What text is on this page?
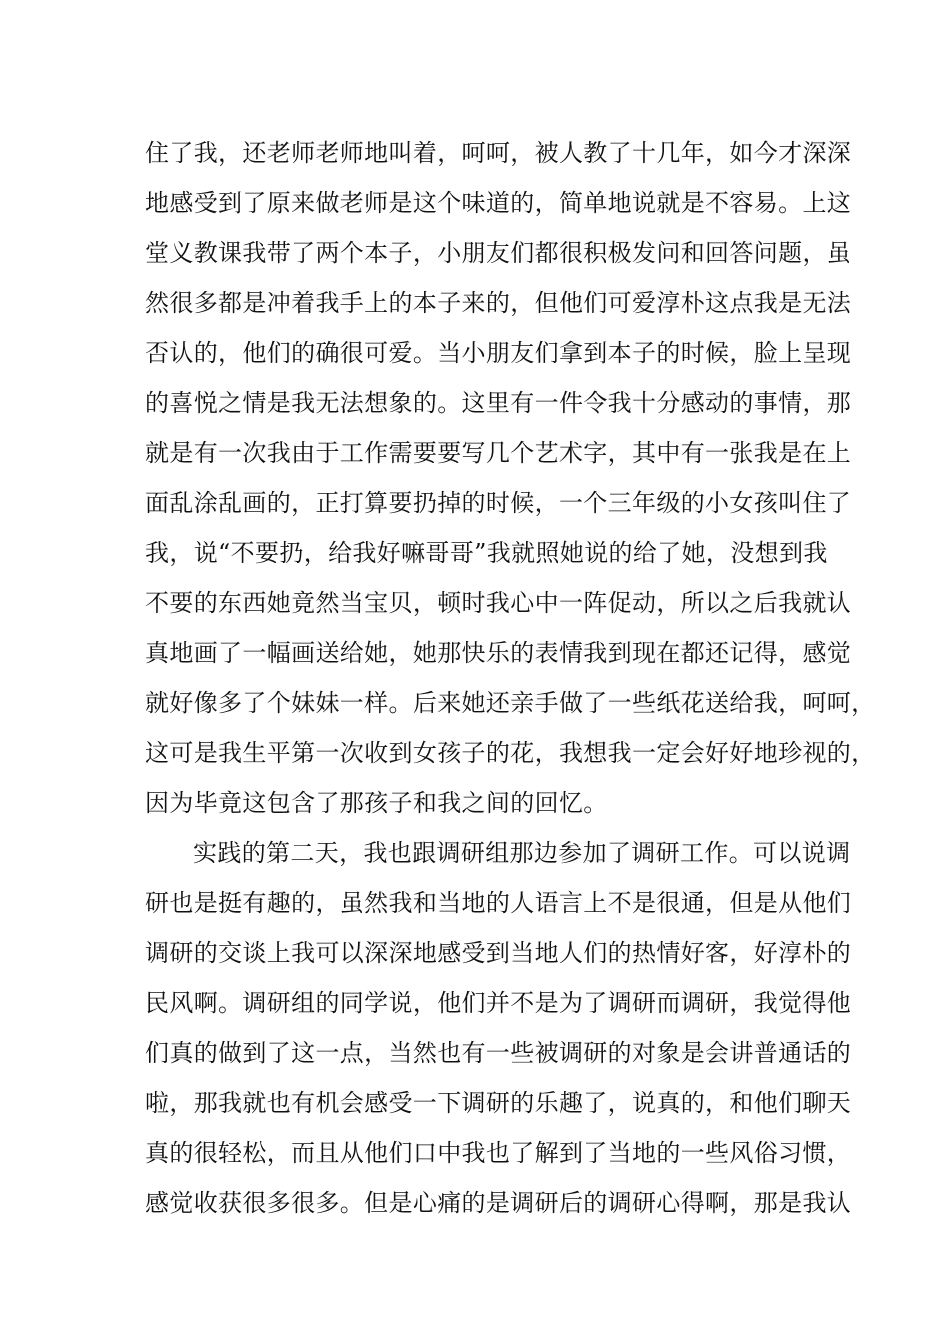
住了我，还老师老师地叫着，呵呵，被人教了十几年，如今才深深
地感受到了原来做老师是这个味道的，简单地说就是不容易。上这
堂义教课我带了两个本子，小朋友们都很积极发问和回答问题，虽
然很多都是冲着我手上的本子来的，但他们可爱淳朴这点我是无法
否认的，他们的确很可爱。当小朋友们拿到本子的时候，脸上呈现
的喜悦之情是我无法想象的。这里有一件令我十分感动的事情，那
就是有一次我由于工作需要要写几个艺术字，其中有一张我是在上
面乱涂乱画的，正打算要扔掉的时候，一个三年级的小女孩叫住了
我，说“不要扔，给我好嘛哥哥”我就照她说的给了她，没想到我
不要的东西她竟然当宝贝，顿时我心中一阵促动，所以之后我就认
真地画了一幅画送给她，她那快乐的表情我到现在都还记得，感觉
就好像多了个妹妹一样。后来她还亲手做了一些纸花送给我，呵呵，
这可是我生平第一次收到女孩子的花，我想我一定会好好地珍视的，
因为毕竟这包含了那孩子和我之间的回忆。
实践的第二天，我也跟调研组那边参加了调研工作。可以说调
研也是挺有趣的，虽然我和当地的人语言上不是很通，但是从他们
调研的交谈上我可以深深地感受到当地人们的热情好客，好淳朴的
民风啊。调研组的同学说，他们并不是为了调研而调研，我觉得他
们真的做到了这一点，当然也有一些被调研的对象是会讲普通话的
啦，那我就也有机会感受一下调研的乐趣了，说真的，和他们聊天
真的很轻松，而且从他们口中我也了解到了当地的一些风俗习惯，
感觉收获很多很多。但是心痛的是调研后的调研心得啊，那是我认
